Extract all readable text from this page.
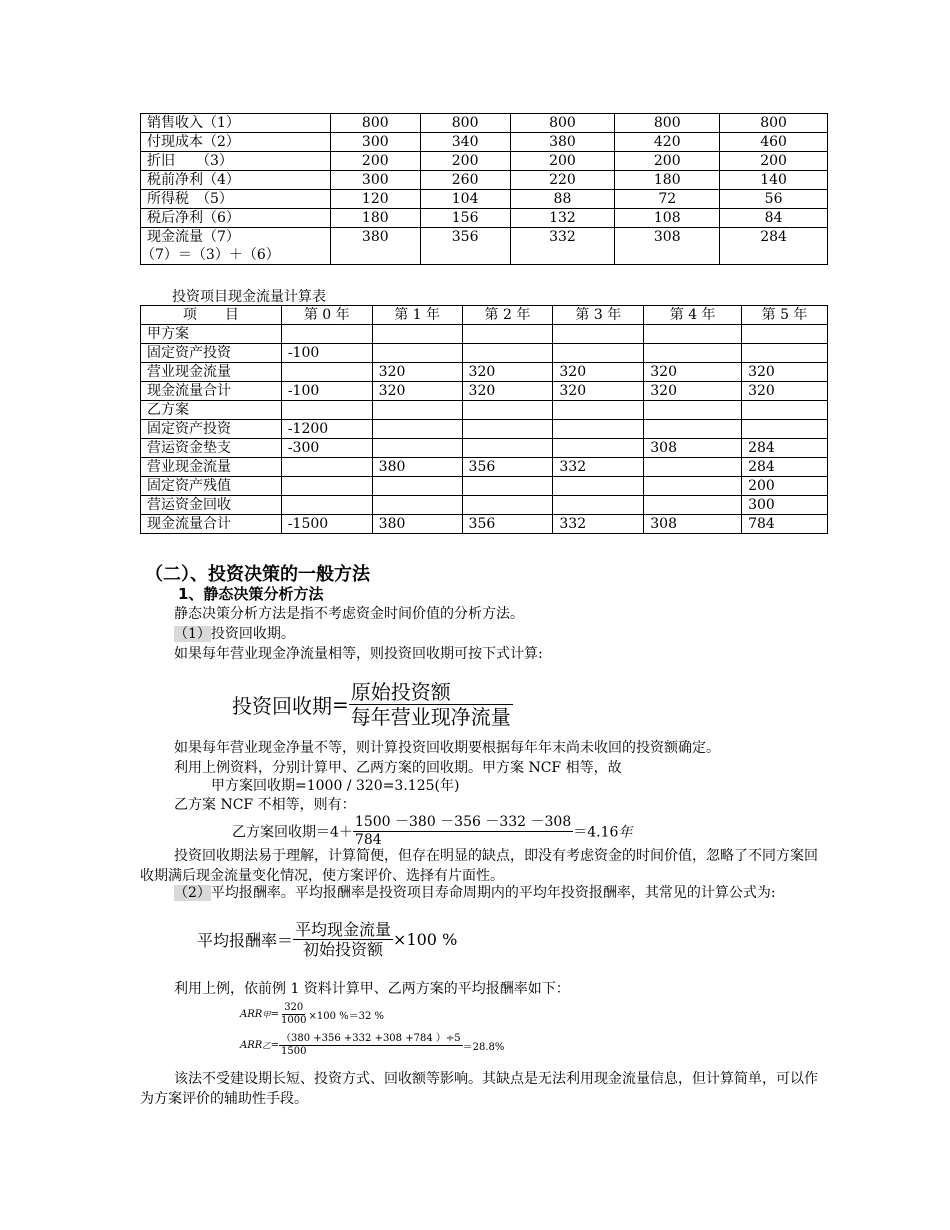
销售收入（1）	800	800	800	800	800
付现成本（2）	300	340	380	420	460
折旧　　（3）	200	200	200	200	200
税前净利（4）	300	260	220	180	140
所得税　（5）	120	104	88	72	56
税后净利（6）	180	156	132	108	84

现金流量（7）
（7）＝（3）＋（6）	380	356	332	308	284
投资项目现金流量计算表
项　　目	第 0 年	第 1 年	第 2 年	第 3 年	第 4 年	第 5 年
甲方案						
固定资产投资	-100					
营业现金流量		320	320	320	320	320
现金流量合计	-100	320	320	320	320	320
乙方案						
固定资产投资	-1200					
营运资金垫支	-300				308	284
营业现金流量		380	356	332		284
固定资产残值						200
营运资金回收						300
现金流量合计	-1500	380	356	332	308	784
（二）、投资决策的一般方法
1、静态决策分析方法
静态决策分析方法是指不考虑资金时间价值的分析方法。
（1）投资回收期。
如果每年营业现金净流量相等，则投资回收期可按下式计算:
投资回收期= $\frac{\text{原始投资额}}{\text{每年营业现净流量}}$
如果每年营业现金净量不等，则计算投资回收期要根据每年年末尚未收回的投资额确定。
利用上例资料，分别计算甲、乙两方案的回收期。甲方案 NCF 相等，故
甲方案回收期=1000 / 320=3.125(年)
乙方案 NCF 不相等，则有：
乙方案回收期$=4+ \frac{1500 -380 -356 -332 -308}{784} =4.16$年
投资回收期法易于理解，计算简便，但存在明显的缺点，即没有考虑资金的时间价值，忽略了不同方案回收期满后现金流量变化情况，使方案评价、选择有片面性。
（2）平均报酬率。平均报酬率是投资项目寿命周期内的平均年投资报酬率，其常见的计算公式为:
平均报酬率＝ $\frac{\text{平均现金流量}}{\text{初始投资额}} \times 100$ %
利用上例，依前例 1 资料计算甲、乙两方案的平均报酬率如下：
ARR甲= $\frac{320}{1000} \times 100$ %＝32 %
ARR乙= $\frac{(380 +356 +332 +308 +784 )\div 5}{1500} =28.8\%$
该法不受建设期长短、投资方式、回收额等影响。其缺点是无法利用现金流量信息，但计算简单，可以作为方案评价的辅助性手段。
